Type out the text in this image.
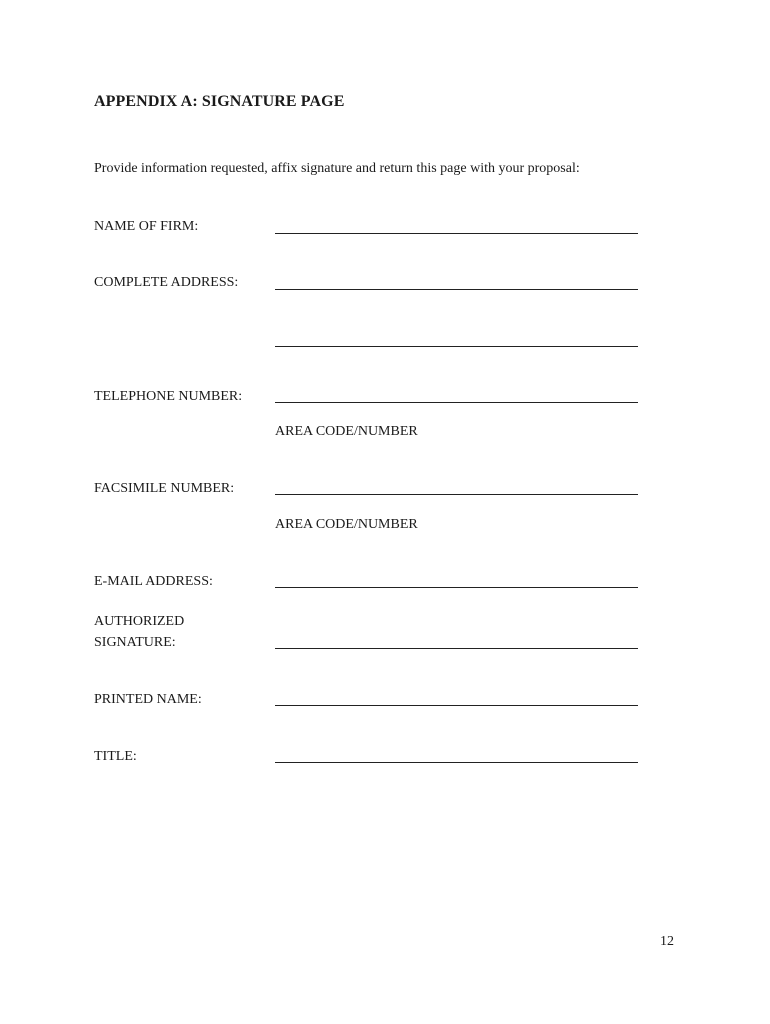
APPENDIX A: SIGNATURE PAGE
Provide information requested, affix signature and return this page with your proposal:
NAME OF FIRM:
COMPLETE ADDRESS:
TELEPHONE NUMBER:
AREA CODE/NUMBER
FACSIMILE NUMBER:
AREA CODE/NUMBER
E-MAIL ADDRESS:
AUTHORIZED
SIGNATURE:
PRINTED NAME:
TITLE:
12
